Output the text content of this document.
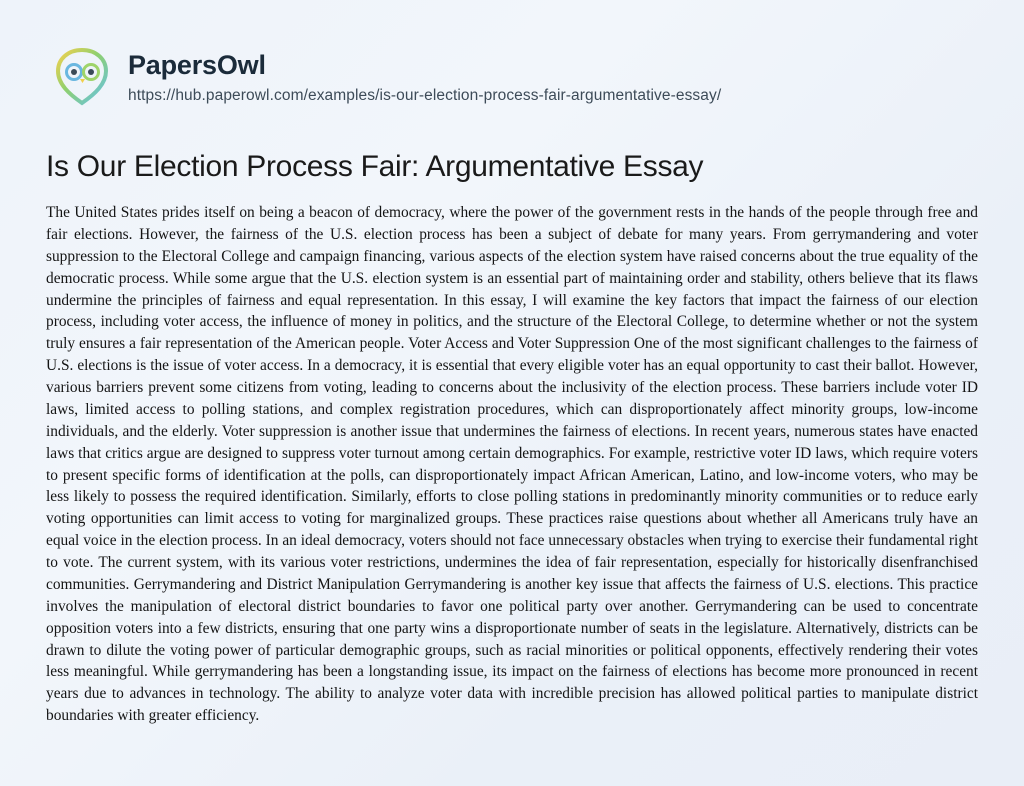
PapersOwl
https://hub.paperowl.com/examples/is-our-election-process-fair-argumentative-essay/
Is Our Election Process Fair: Argumentative Essay
The United States prides itself on being a beacon of democracy, where the power of the government rests in the hands of the people through free and fair elections. However, the fairness of the U.S. election process has been a subject of debate for many years. From gerrymandering and voter suppression to the Electoral College and campaign financing, various aspects of the election system have raised concerns about the true equality of the democratic process. While some argue that the U.S. election system is an essential part of maintaining order and stability, others believe that its flaws undermine the principles of fairness and equal representation. In this essay, I will examine the key factors that impact the fairness of our election process, including voter access, the influence of money in politics, and the structure of the Electoral College, to determine whether or not the system truly ensures a fair representation of the American people. Voter Access and Voter Suppression One of the most significant challenges to the fairness of U.S. elections is the issue of voter access. In a democracy, it is essential that every eligible voter has an equal opportunity to cast their ballot. However, various barriers prevent some citizens from voting, leading to concerns about the inclusivity of the election process. These barriers include voter ID laws, limited access to polling stations, and complex registration procedures, which can disproportionately affect minority groups, low-income individuals, and the elderly. Voter suppression is another issue that undermines the fairness of elections. In recent years, numerous states have enacted laws that critics argue are designed to suppress voter turnout among certain demographics. For example, restrictive voter ID laws, which require voters to present specific forms of identification at the polls, can disproportionately impact African American, Latino, and low-income voters, who may be less likely to possess the required identification. Similarly, efforts to close polling stations in predominantly minority communities or to reduce early voting opportunities can limit access to voting for marginalized groups. These practices raise questions about whether all Americans truly have an equal voice in the election process. In an ideal democracy, voters should not face unnecessary obstacles when trying to exercise their fundamental right to vote. The current system, with its various voter restrictions, undermines the idea of fair representation, especially for historically disenfranchised communities. Gerrymandering and District Manipulation Gerrymandering is another key issue that affects the fairness of U.S. elections. This practice involves the manipulation of electoral district boundaries to favor one political party over another. Gerrymandering can be used to concentrate opposition voters into a few districts, ensuring that one party wins a disproportionate number of seats in the legislature. Alternatively, districts can be drawn to dilute the voting power of particular demographic groups, such as racial minorities or political opponents, effectively rendering their votes less meaningful. While gerrymandering has been a longstanding issue, its impact on the fairness of elections has become more pronounced in recent years due to advances in technology. The ability to analyze voter data with incredible precision has allowed political parties to manipulate district boundaries with greater efficiency.
